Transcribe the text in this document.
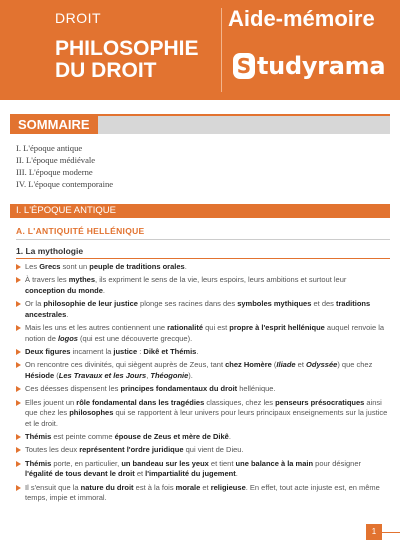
DROIT
PHILOSOPHIE
DU DROIT
Aide-mémoire
S tudyrama
SOMMAIRE
I. L'époque antique
II. L'époque médiévale
III. L'époque moderne
IV. L'époque contemporaine
I. L'ÉPOQUE ANTIQUE
A. L'ANTIQUITÉ HELLÉNIQUE
1. La mythologie

Les Grecs sont un peuple de traditions orales.

À travers les mythes, ils expriment le sens de la vie, leurs espoirs, leurs ambitions et surtout leur conception du monde.

Or la philosophie de leur justice plonge ses racines dans des symboles mythiques et des traditions ancestrales.

Mais les uns et les autres contiennent une rationalité qui est propre à l'esprit hellénique auquel renvoie la notion de logos (qui est une découverte grecque).

Deux figures incarnent la justice : Dikê et Thémis.

On rencontre ces divinités, qui siègent auprès de Zeus, tant chez Homère (Iliade et Odyssée) que chez Hésiode (Les Travaux et les Jours, Théogonie).

Ces déesses dispensent les principes fondamentaux du droit hellénique.

Elles jouent un rôle fondamental dans les tragédies classiques, chez les penseurs présocratiques ainsi que chez les philosophes qui se rapportent à leur univers pour leurs principaux enseignements sur la justice et le droit.

Thémis est peinte comme épouse de Zeus et mère de Dikê.

Toutes les deux représentent l'ordre juridique qui vient de Dieu.

Thémis porte, en particulier, un bandeau sur les yeux et tient une balance à la main pour désigner l'égalité de tous devant le droit et l'impartialité du jugement.

Il s'ensuit que la nature du droit est à la fois morale et religieuse. En effet, tout acte injuste est, en même temps, impie et immoral.

1
